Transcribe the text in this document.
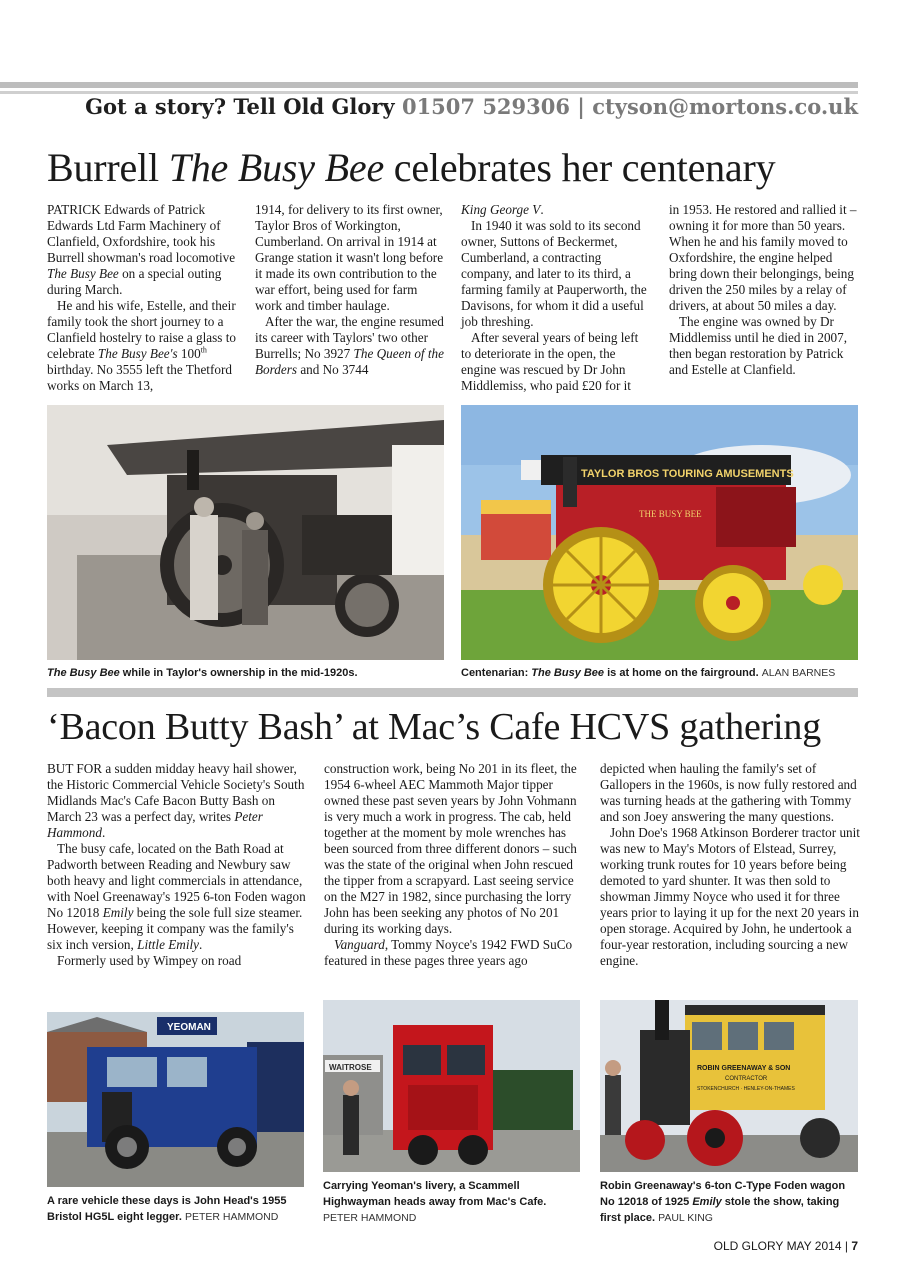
Got a story? Tell Old Glory 01507 529306 | ctyson@mortons.co.uk
Burrell The Busy Bee celebrates her centenary

PATRICK Edwards of Patrick Edwards Ltd Farm Machinery of Clanfield, Oxfordshire, took his Burrell showman's road locomotive The Busy Bee on a special outing during March.

He and his wife, Estelle, and their family took the short journey to a Clanfield hostelry to raise a glass to celebrate The Busy Bee's 100th birthday. No 3555 left the Thetford works on March 13,

1914, for delivery to its first owner, Taylor Bros of Workington, Cumberland. On arrival in 1914 at Grange station it wasn't long before it made its own contribution to the war effort, being used for farm work and timber haulage.

After the war, the engine resumed its career with Taylors' two other Burrells; No 3927 The Queen of the Borders and No 3744

King George V.

In 1940 it was sold to its second owner, Suttons of Beckermet, Cumberland, a contracting company, and later to its third, a farming family at Pauperworth, the Davisons, for whom it did a useful job threshing.

After several years of being left to deteriorate in the open, the engine was rescued by Dr John Middlemiss, who paid £20 for it

in 1953. He restored and rallied it – owning it for more than 50 years. When he and his family moved to Oxfordshire, the engine helped bring down their belongings, being driven the 250 miles by a relay of drivers, at about 50 miles a day.

The engine was owned by Dr Middlemiss until he died in 2007, then began restoration by Patrick and Estelle at Clanfield.

TAYLOR BROS TOURING AMUSEMENTS
THE BUSY BEE
The Busy Bee while in Taylor's ownership in the mid-1920s.	Centenarian: The Busy Bee is at home on the fairground. ALAN BARNES
‘Bacon Butty Bash’ at Mac’s Cafe HCVS gathering

BUT FOR a sudden midday heavy hail shower, the Historic Commercial Vehicle Society's South Midlands Mac's Cafe Bacon Butty Bash on March 23 was a perfect day, writes Peter Hammond.

The busy cafe, located on the Bath Road at Padworth between Reading and Newbury saw both heavy and light commercials in attendance, with Noel Greenaway's 1925 6-ton Foden wagon No 12018 Emily being the sole full size steamer. However, keeping it company was the family's six inch version, Little Emily.

Formerly used by Wimpey on road

construction work, being No 201 in its fleet, the 1954 6-wheel AEC Mammoth Major tipper owned these past seven years by John Vohmann is very much a work in progress. The cab, held together at the moment by mole wrenches has been sourced from three different donors – such was the state of the original when John rescued the tipper from a scrapyard. Last seeing service on the M27 in 1982, since purchasing the lorry John has been seeking any photos of No 201 during its working days.

Vanguard, Tommy Noyce's 1942 FWD SuCo featured in these pages three years ago

depicted when hauling the family's set of Gallopers in the 1960s, is now fully restored and was turning heads at the gathering with Tommy and son Joey answering the many questions.

John Doe's 1968 Atkinson Borderer tractor unit was new to May's Motors of Elstead, Surrey, working trunk routes for 10 years before being demoted to yard shunter. It was then sold to showman Jimmy Noyce who used it for three years prior to laying it up for the next 20 years in open storage. Acquired by John, he undertook a four-year restoration, including sourcing a new engine.

YEOMAN
WAITROSE	ROBIN GREENAWAY & SON
CONTRACTOR
STOKENCHURCH · HENLEY-ON-THAMES
A rare vehicle these days is John Head's 1955 Bristol HG5L eight legger. PETER HAMMOND
Carrying Yeoman's livery, a Scammell Highwayman heads away from Mac's Cafe.
PETER HAMMOND
Robin Greenaway's 6-ton C-Type Foden wagon No 12018 of 1925 Emily stole the show, taking first place. PAUL KING
OLD GLORY MAY 2014 | 7
